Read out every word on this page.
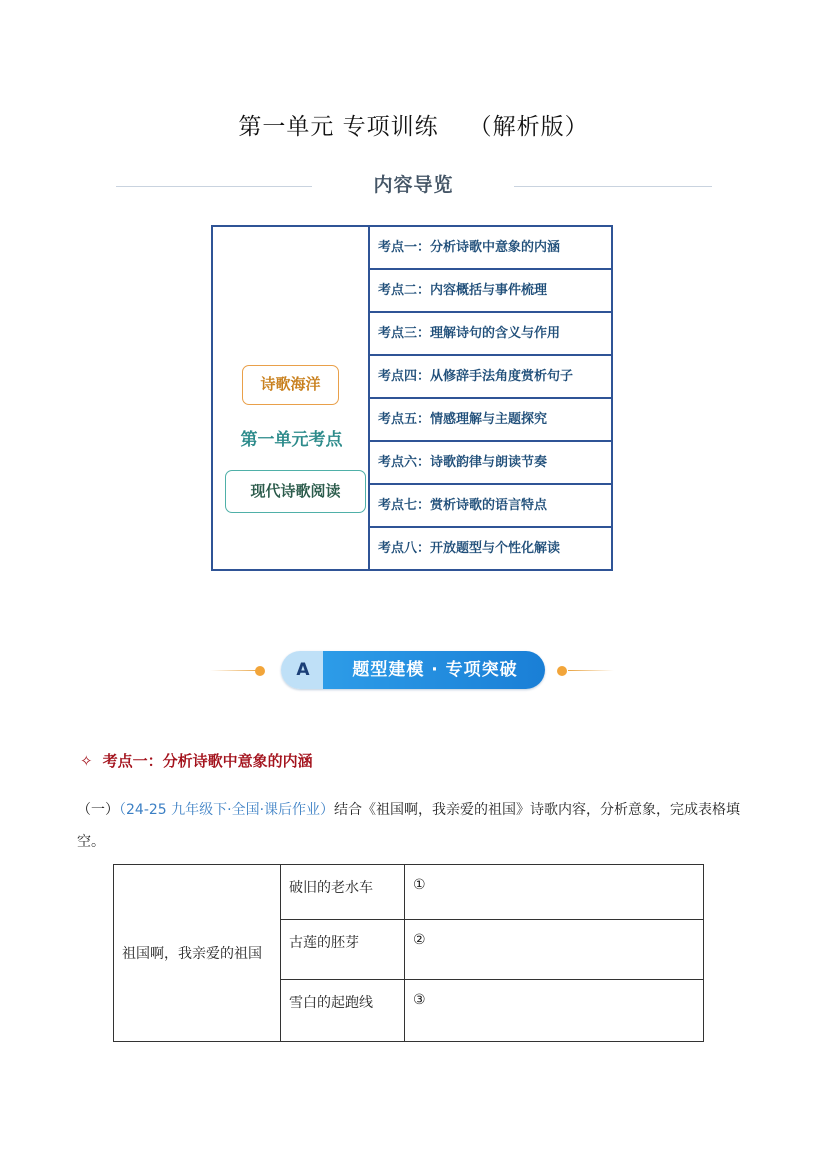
第一单元 专项训练 （解析版）
内容导览
诗歌海洋
第一单元考点
现代诗歌阅读
考点一：分析诗歌中意象的内涵
考点二：内容概括与事件梳理
考点三：理解诗句的含义与作用
考点四：从修辞手法角度赏析句子
考点五：情感理解与主题探究
考点六：诗歌韵律与朗读节奏
考点七：赏析诗歌的语言特点
考点八：开放题型与个性化解读
A	题型建模 · 专项突破
✧ 考点一：分析诗歌中意象的内涵
（一）（24-25 九年级下·全国·课后作业）结合《祖国啊，我亲爱的祖国》诗歌内容，分析意象，完成表格填空。
祖国啊，我亲爱的祖国	破旧的老水车	①
	古莲的胚芽	②
	雪白的起跑线	③
